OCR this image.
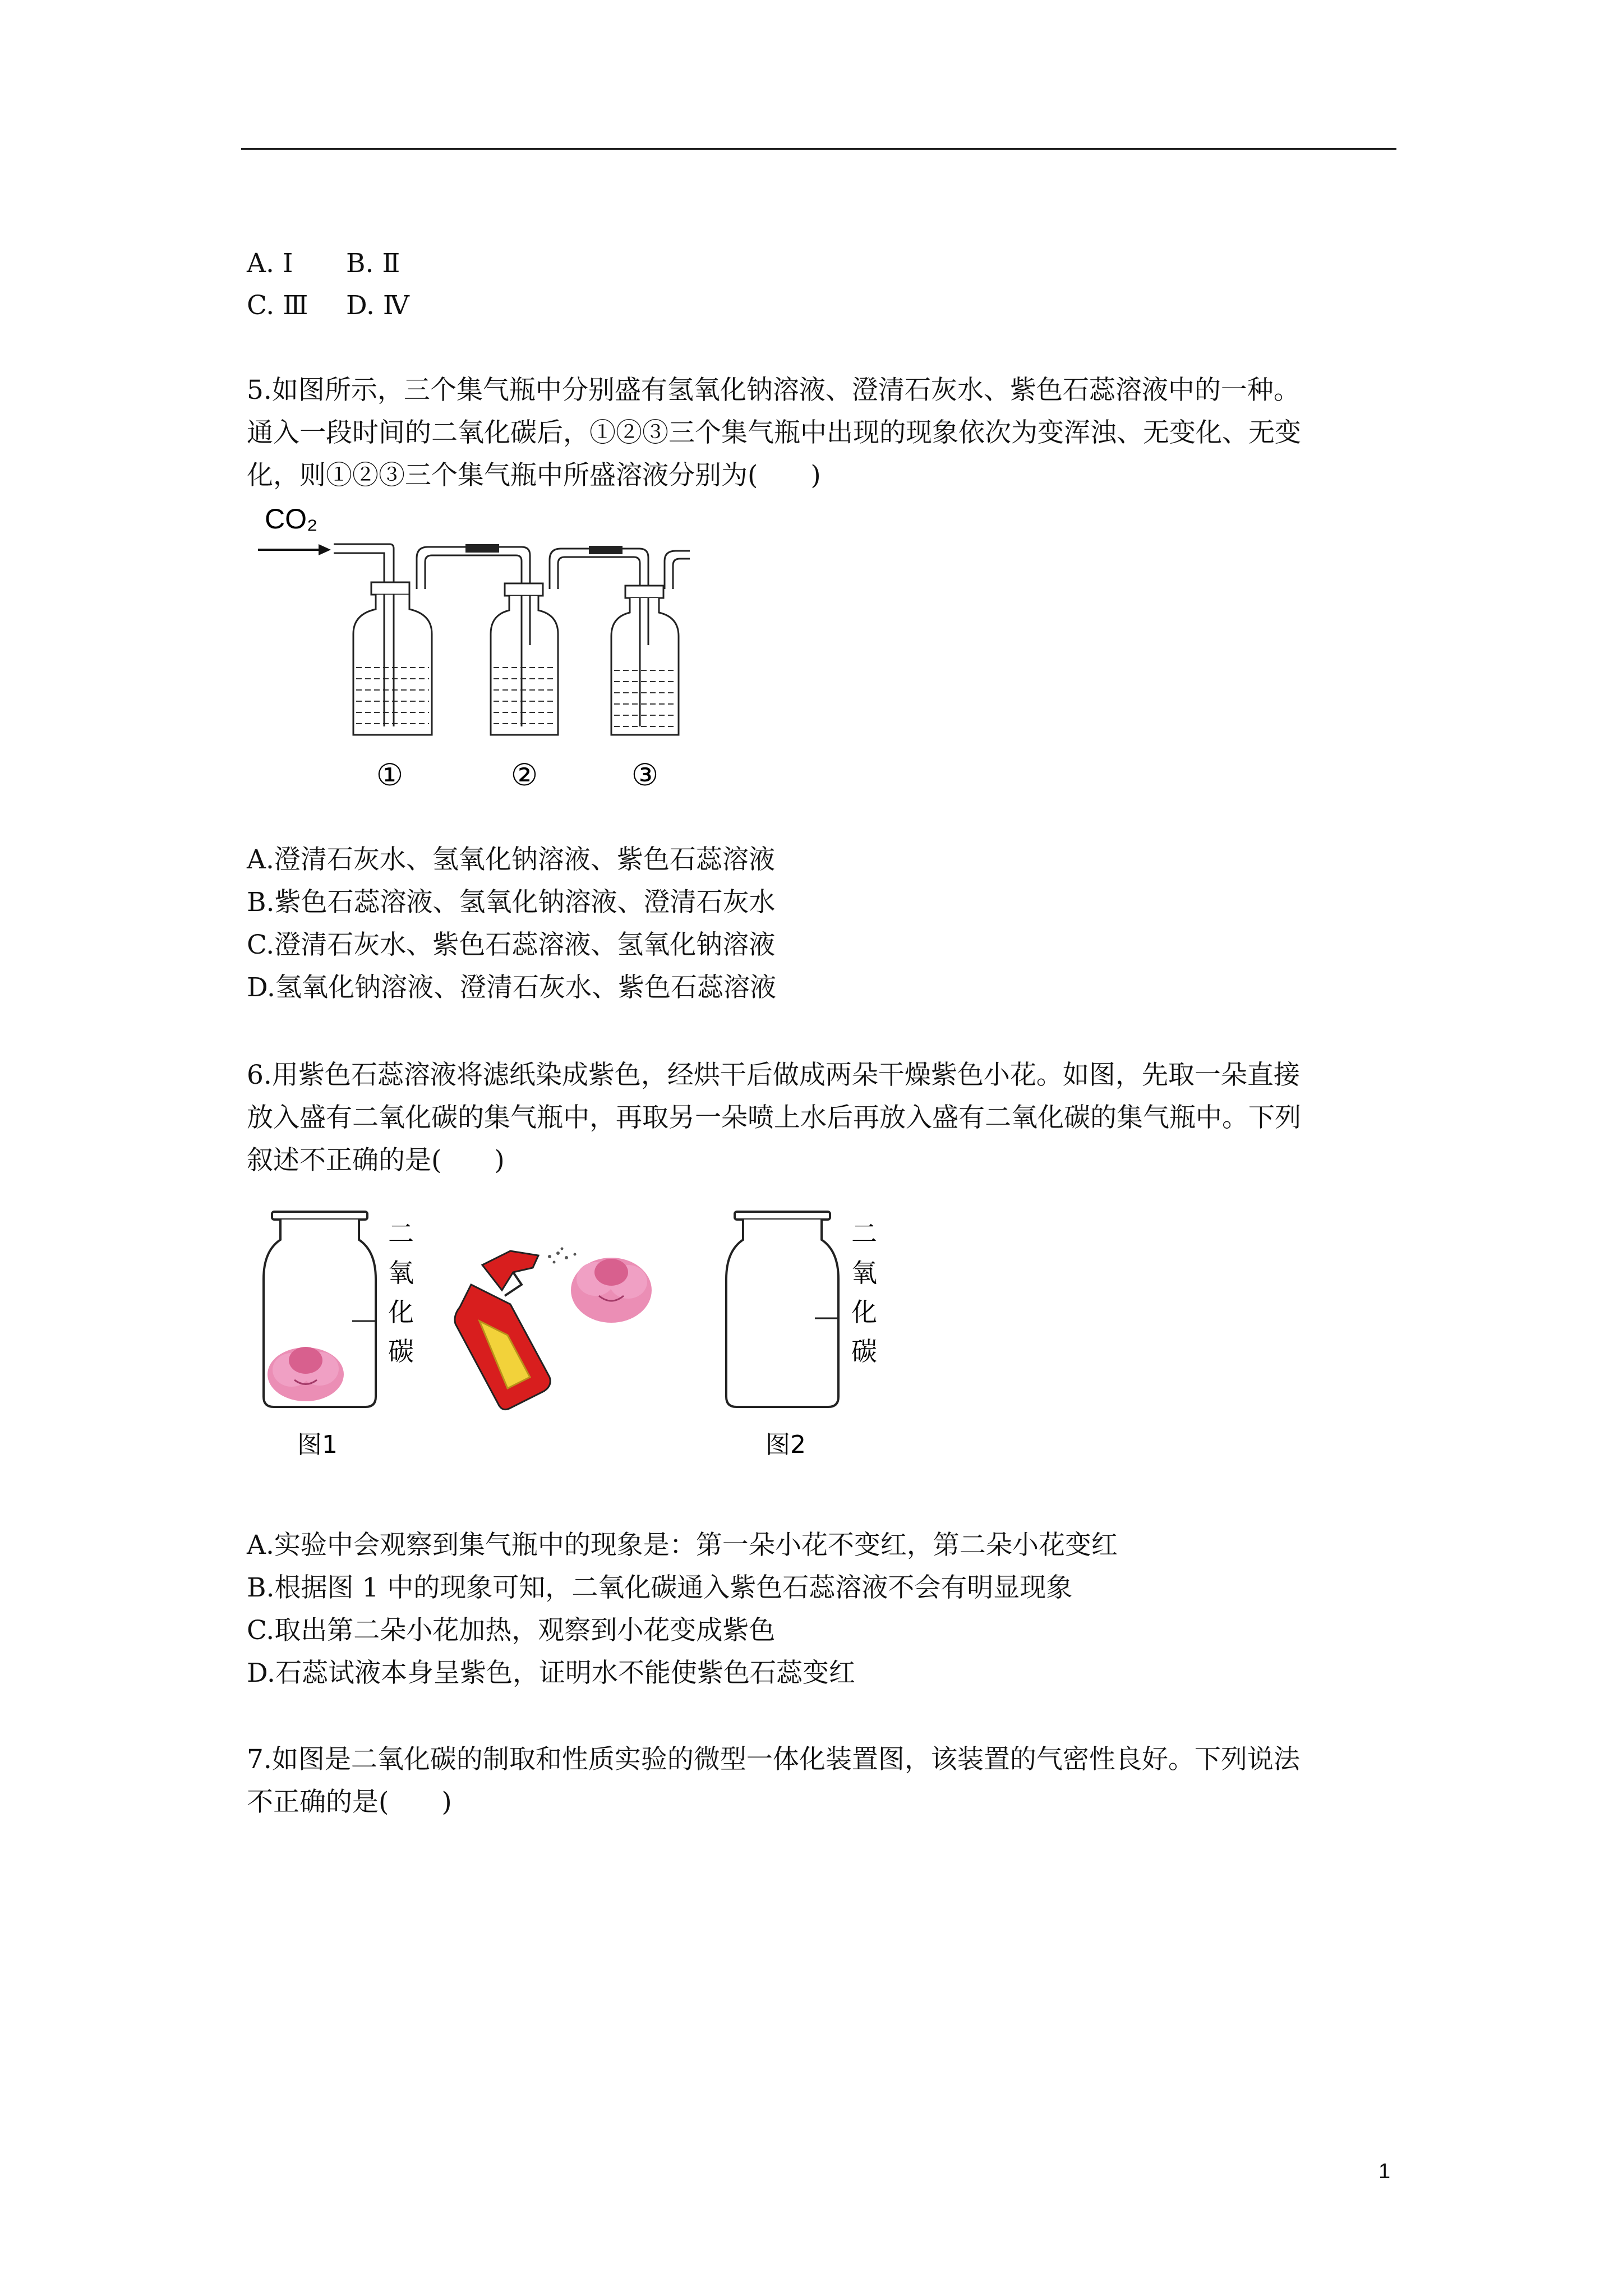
A. Ⅰ B. Ⅱ
C. Ⅲ D. Ⅳ
5.如图所示，三个集气瓶中分别盛有氢氧化钠溶液、澄清石灰水、紫色石蕊溶液中的一种。
通入一段时间的二氧化碳后，①②③三个集气瓶中出现的现象依次为变浑浊、无变化、无变
化，则①②③三个集气瓶中所盛溶液分别为(　　)
CO₂
①	②	③
A.澄清石灰水、氢氧化钠溶液、紫色石蕊溶液
B.紫色石蕊溶液、氢氧化钠溶液、澄清石灰水
C.澄清石灰水、紫色石蕊溶液、氢氧化钠溶液
D.氢氧化钠溶液、澄清石灰水、紫色石蕊溶液
6.用紫色石蕊溶液将滤纸染成紫色，经烘干后做成两朵干燥紫色小花。如图，先取一朵直接
放入盛有二氧化碳的集气瓶中，再取另一朵喷上水后再放入盛有二氧化碳的集气瓶中。下列
叙述不正确的是(　　)
二
氧
化
碳
图1
二
氧
化
碳
图2
A.实验中会观察到集气瓶中的现象是：第一朵小花不变红，第二朵小花变红
B.根据图 1 中的现象可知，二氧化碳通入紫色石蕊溶液不会有明显现象
C.取出第二朵小花加热，观察到小花变成紫色
D.石蕊试液本身呈紫色，证明水不能使紫色石蕊变红
7.如图是二氧化碳的制取和性质实验的微型一体化装置图，该装置的气密性良好。下列说法
不正确的是(　　)
1
